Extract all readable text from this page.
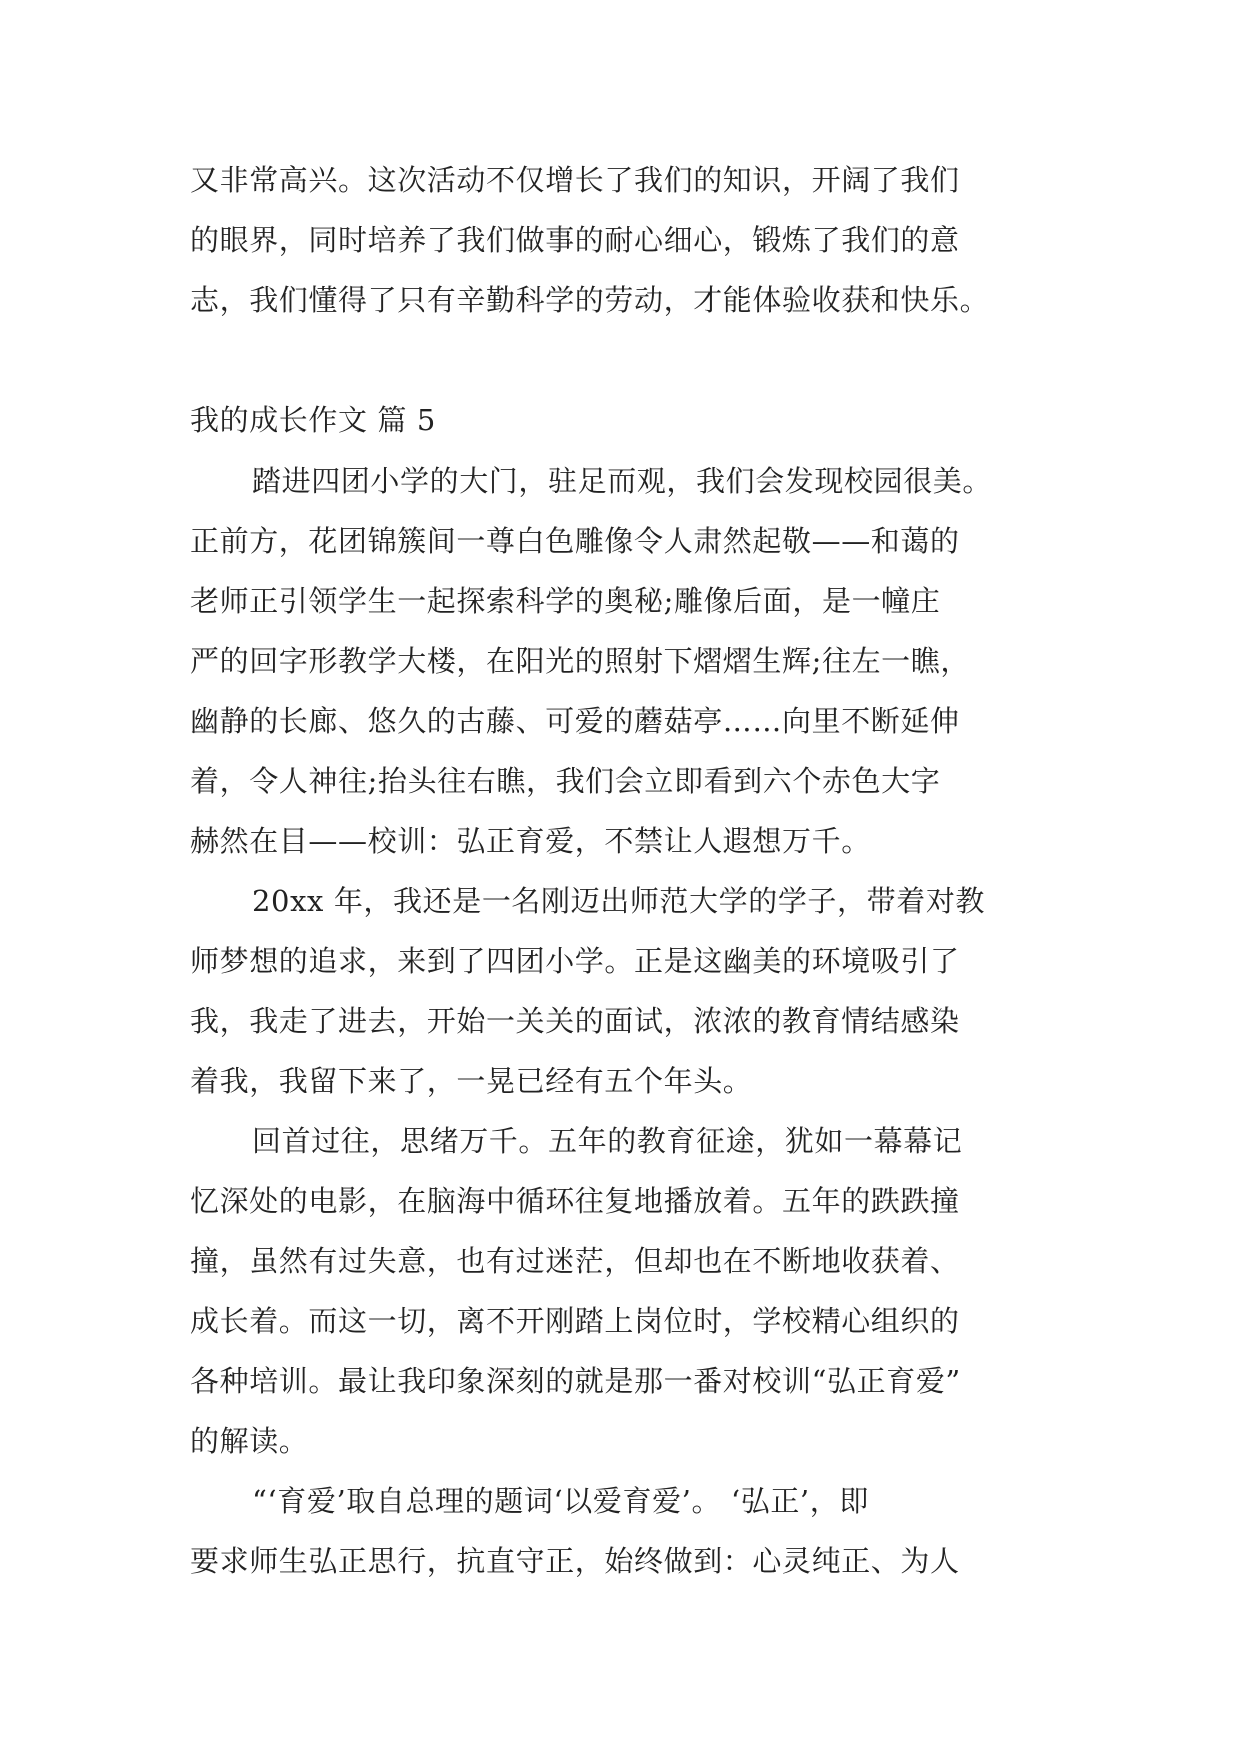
又非常高兴。这次活动不仅增长了我们的知识，开阔了我们
的眼界，同时培养了我们做事的耐心细心，锻炼了我们的意
志，我们懂得了只有辛勤科学的劳动，才能体验收获和快乐。
我的成长作文 篇 5
踏进四团小学的大门，驻足而观，我们会发现校园很美。
正前方，花团锦簇间一尊白色雕像令人肃然起敬——和蔼的
老师正引领学生一起探索科学的奥秘;雕像后面，是一幢庄
严的回字形教学大楼，在阳光的照射下熠熠生辉;往左一瞧，
幽静的长廊、悠久的古藤、可爱的蘑菇亭……向里不断延伸
着，令人神往;抬头往右瞧，我们会立即看到六个赤色大字
赫然在目——校训：弘正育爱，不禁让人遐想万千。
20xx 年，我还是一名刚迈出师范大学的学子，带着对教
师梦想的追求，来到了四团小学。正是这幽美的环境吸引了
我，我走了进去，开始一关关的面试，浓浓的教育情结感染
着我，我留下来了，一晃已经有五个年头。
回首过往，思绪万千。五年的教育征途，犹如一幕幕记
忆深处的电影，在脑海中循环往复地播放着。五年的跌跌撞
撞，虽然有过失意，也有过迷茫，但却也在不断地收获着、
成长着。而这一切，离不开刚踏上岗位时，学校精心组织的
各种培训。最让我印象深刻的就是那一番对校训“弘正育爱”
的解读。
“‘育爱’取自总理的题词‘以爱育爱’。 ‘弘正’，即
要求师生弘正思行，抗直守正，始终做到：心灵纯正、为人
